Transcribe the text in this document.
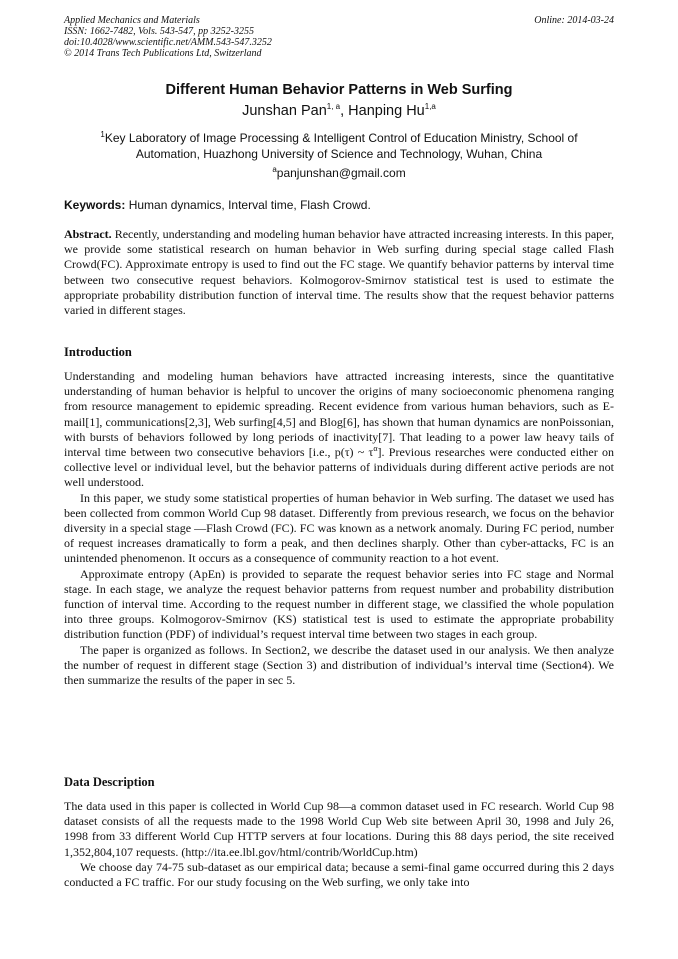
Applied Mechanics and Materials
ISSN: 1662-7482, Vols. 543-547, pp 3252-3255
doi:10.4028/www.scientific.net/AMM.543-547.3252
© 2014 Trans Tech Publications Ltd, Switzerland
Online: 2014-03-24
Different Human Behavior Patterns in Web Surfing
Junshan Pan$^{1, a}$, Hanping Hu$^{1,a}$
$^1$Key Laboratory of Image Processing & Intelligent Control of Education Ministry, School of Automation, Huazhong University of Science and Technology, Wuhan, China
$^a$panjunshan@gmail.com
Keywords: Human dynamics, Interval time, Flash Crowd.

Abstract. Recently, understanding and modeling human behavior have attracted increasing interests. In this paper, we provide some statistical research on human behavior in Web surfing during special stage called Flash Crowd(FC). Approximate entropy is used to find out the FC stage. We quantify behavior patterns by interval time between two consecutive request behaviors. Kolmogorov-Smirnov statistical test is used to estimate the appropriate probability distribution function of interval time. The results show that the request behavior patterns varied in different stages.

Introduction

Understanding and modeling human behaviors have attracted increasing interests, since the quantitative understanding of human behavior is helpful to uncover the origins of many socioeconomic phenomena ranging from resource management to epidemic spreading. Recent evidence from various human behaviors, such as E-mail[1], communications[2,3], Web surfing[4,5] and Blog[6], has shown that human dynamics are nonPoissonian, with bursts of behaviors followed by long periods of inactivity[7]. That leading to a power law heavy tails of interval time between two consecutive behaviors [i.e., p(τ) ~ $\tau^\alpha$]. Previous researches were conducted either on collective level or individual level, but the behavior patterns of individuals during different active periods are not well understood.

In this paper, we study some statistical properties of human behavior in Web surfing. The dataset we used has been collected from common World Cup 98 dataset. Differently from previous research, we focus on the behavior diversity in a special stage —Flash Crowd (FC). FC was known as a network anomaly. During FC period, number of request increases dramatically to form a peak, and then declines sharply. Other than cyber-attacks, FC is an unintended phenomenon. It occurs as a consequence of community reaction to a hot event.

Approximate entropy (ApEn) is provided to separate the request behavior series into FC stage and Normal stage. In each stage, we analyze the request behavior patterns from request number and probability distribution function of interval time. According to the request number in different stage, we classified the whole population into three groups. Kolmogorov-Smirnov (KS) statistical test is used to estimate the appropriate probability distribution function (PDF) of individual’s request interval time between two stages in each group.

The paper is organized as follows. In Section2, we describe the dataset used in our analysis. We then analyze the number of request in different stage (Section 3) and distribution of individual’s interval time (Section4). We then summarize the results of the paper in sec 5.

Data Description

The data used in this paper is collected in World Cup 98—a common dataset used in FC research. World Cup 98 dataset consists of all the requests made to the 1998 World Cup Web site between April 30, 1998 and July 26, 1998 from 33 different World Cup HTTP servers at four locations. During this 88 days period, the site received 1,352,804,107 requests. (http://ita.ee.lbl.gov/html/contrib/WorldCup.htm)

We choose day 74-75 sub-dataset as our empirical data; because a semi-final game occurred during this 2 days conducted a FC traffic. For our study focusing on the Web surfing, we only take into
